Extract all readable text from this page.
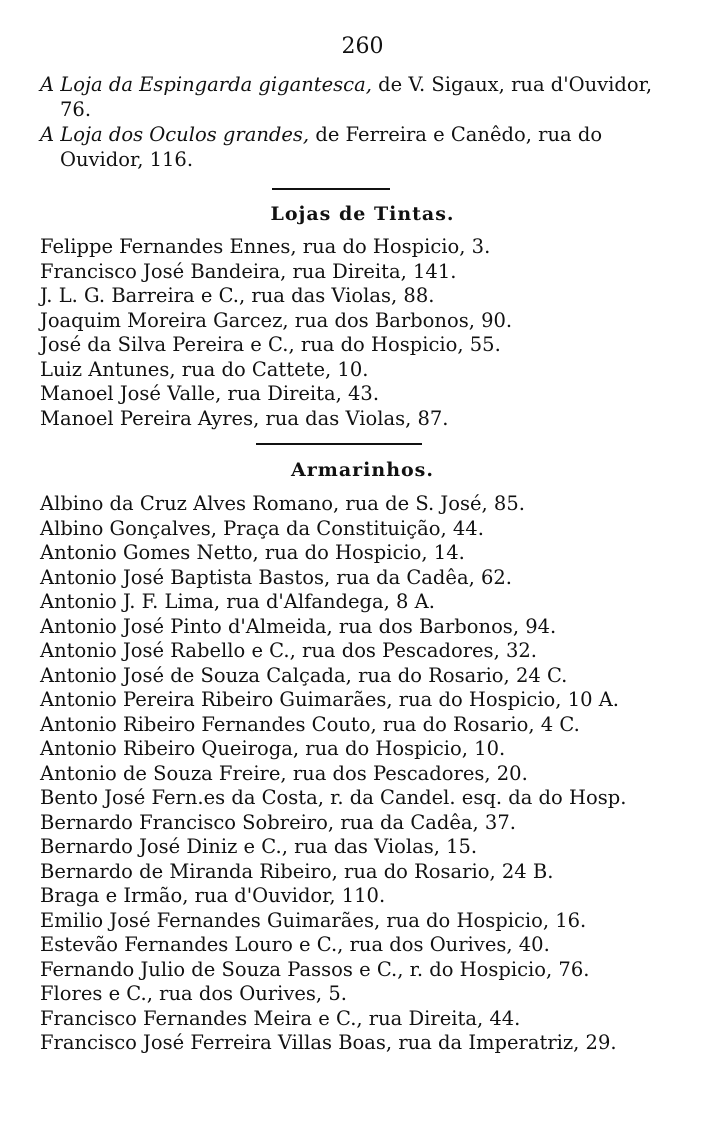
260
A Loja da Espingarda gigantesca, de V. Sigaux, rua d'Ouvidor, 76.
A Loja dos Oculos grandes, de Ferreira e Canêdo, rua do Ouvidor, 116.
Lojas de Tintas.
Felippe Fernandes Ennes, rua do Hospicio, 3.
Francisco José Bandeira, rua Direita, 141.
J. L. G. Barreira e C., rua das Violas, 88.
Joaquim Moreira Garcez, rua dos Barbonos, 90.
José da Silva Pereira e C., rua do Hospicio, 55.
Luiz Antunes, rua do Cattete, 10.
Manoel José Valle, rua Direita, 43.
Manoel Pereira Ayres, rua das Violas, 87.
Armarinhos.
Albino da Cruz Alves Romano, rua de S. José, 85.
Albino Gonçalves, Praça da Constituição, 44.
Antonio Gomes Netto, rua do Hospicio, 14.
Antonio José Baptista Bastos, rua da Cadêa, 62.
Antonio J. F. Lima, rua d'Alfandega, 8 A.
Antonio José Pinto d'Almeida, rua dos Barbonos, 94.
Antonio José Rabello e C., rua dos Pescadores, 32.
Antonio José de Souza Calçada, rua do Rosario, 24 C.
Antonio Pereira Ribeiro Guimarães, rua do Hospicio, 10 A.
Antonio Ribeiro Fernandes Couto, rua do Rosario, 4 C.
Antonio Ribeiro Queiroga, rua do Hospicio, 10.
Antonio de Souza Freire, rua dos Pescadores, 20.
Bento José Fern.es da Costa, r. da Candel. esq. da do Hosp.
Bernardo Francisco Sobreiro, rua da Cadêa, 37.
Bernardo José Diniz e C., rua das Violas, 15.
Bernardo de Miranda Ribeiro, rua do Rosario, 24 B.
Braga e Irmão, rua d'Ouvidor, 110.
Emilio José Fernandes Guimarães, rua do Hospicio, 16.
Estevão Fernandes Louro e C., rua dos Ourives, 40.
Fernando Julio de Souza Passos e C., r. do Hospicio, 76.
Flores e C., rua dos Ourives, 5.
Francisco Fernandes Meira e C., rua Direita, 44.
Francisco José Ferreira Villas Boas, rua da Imperatriz, 29.
